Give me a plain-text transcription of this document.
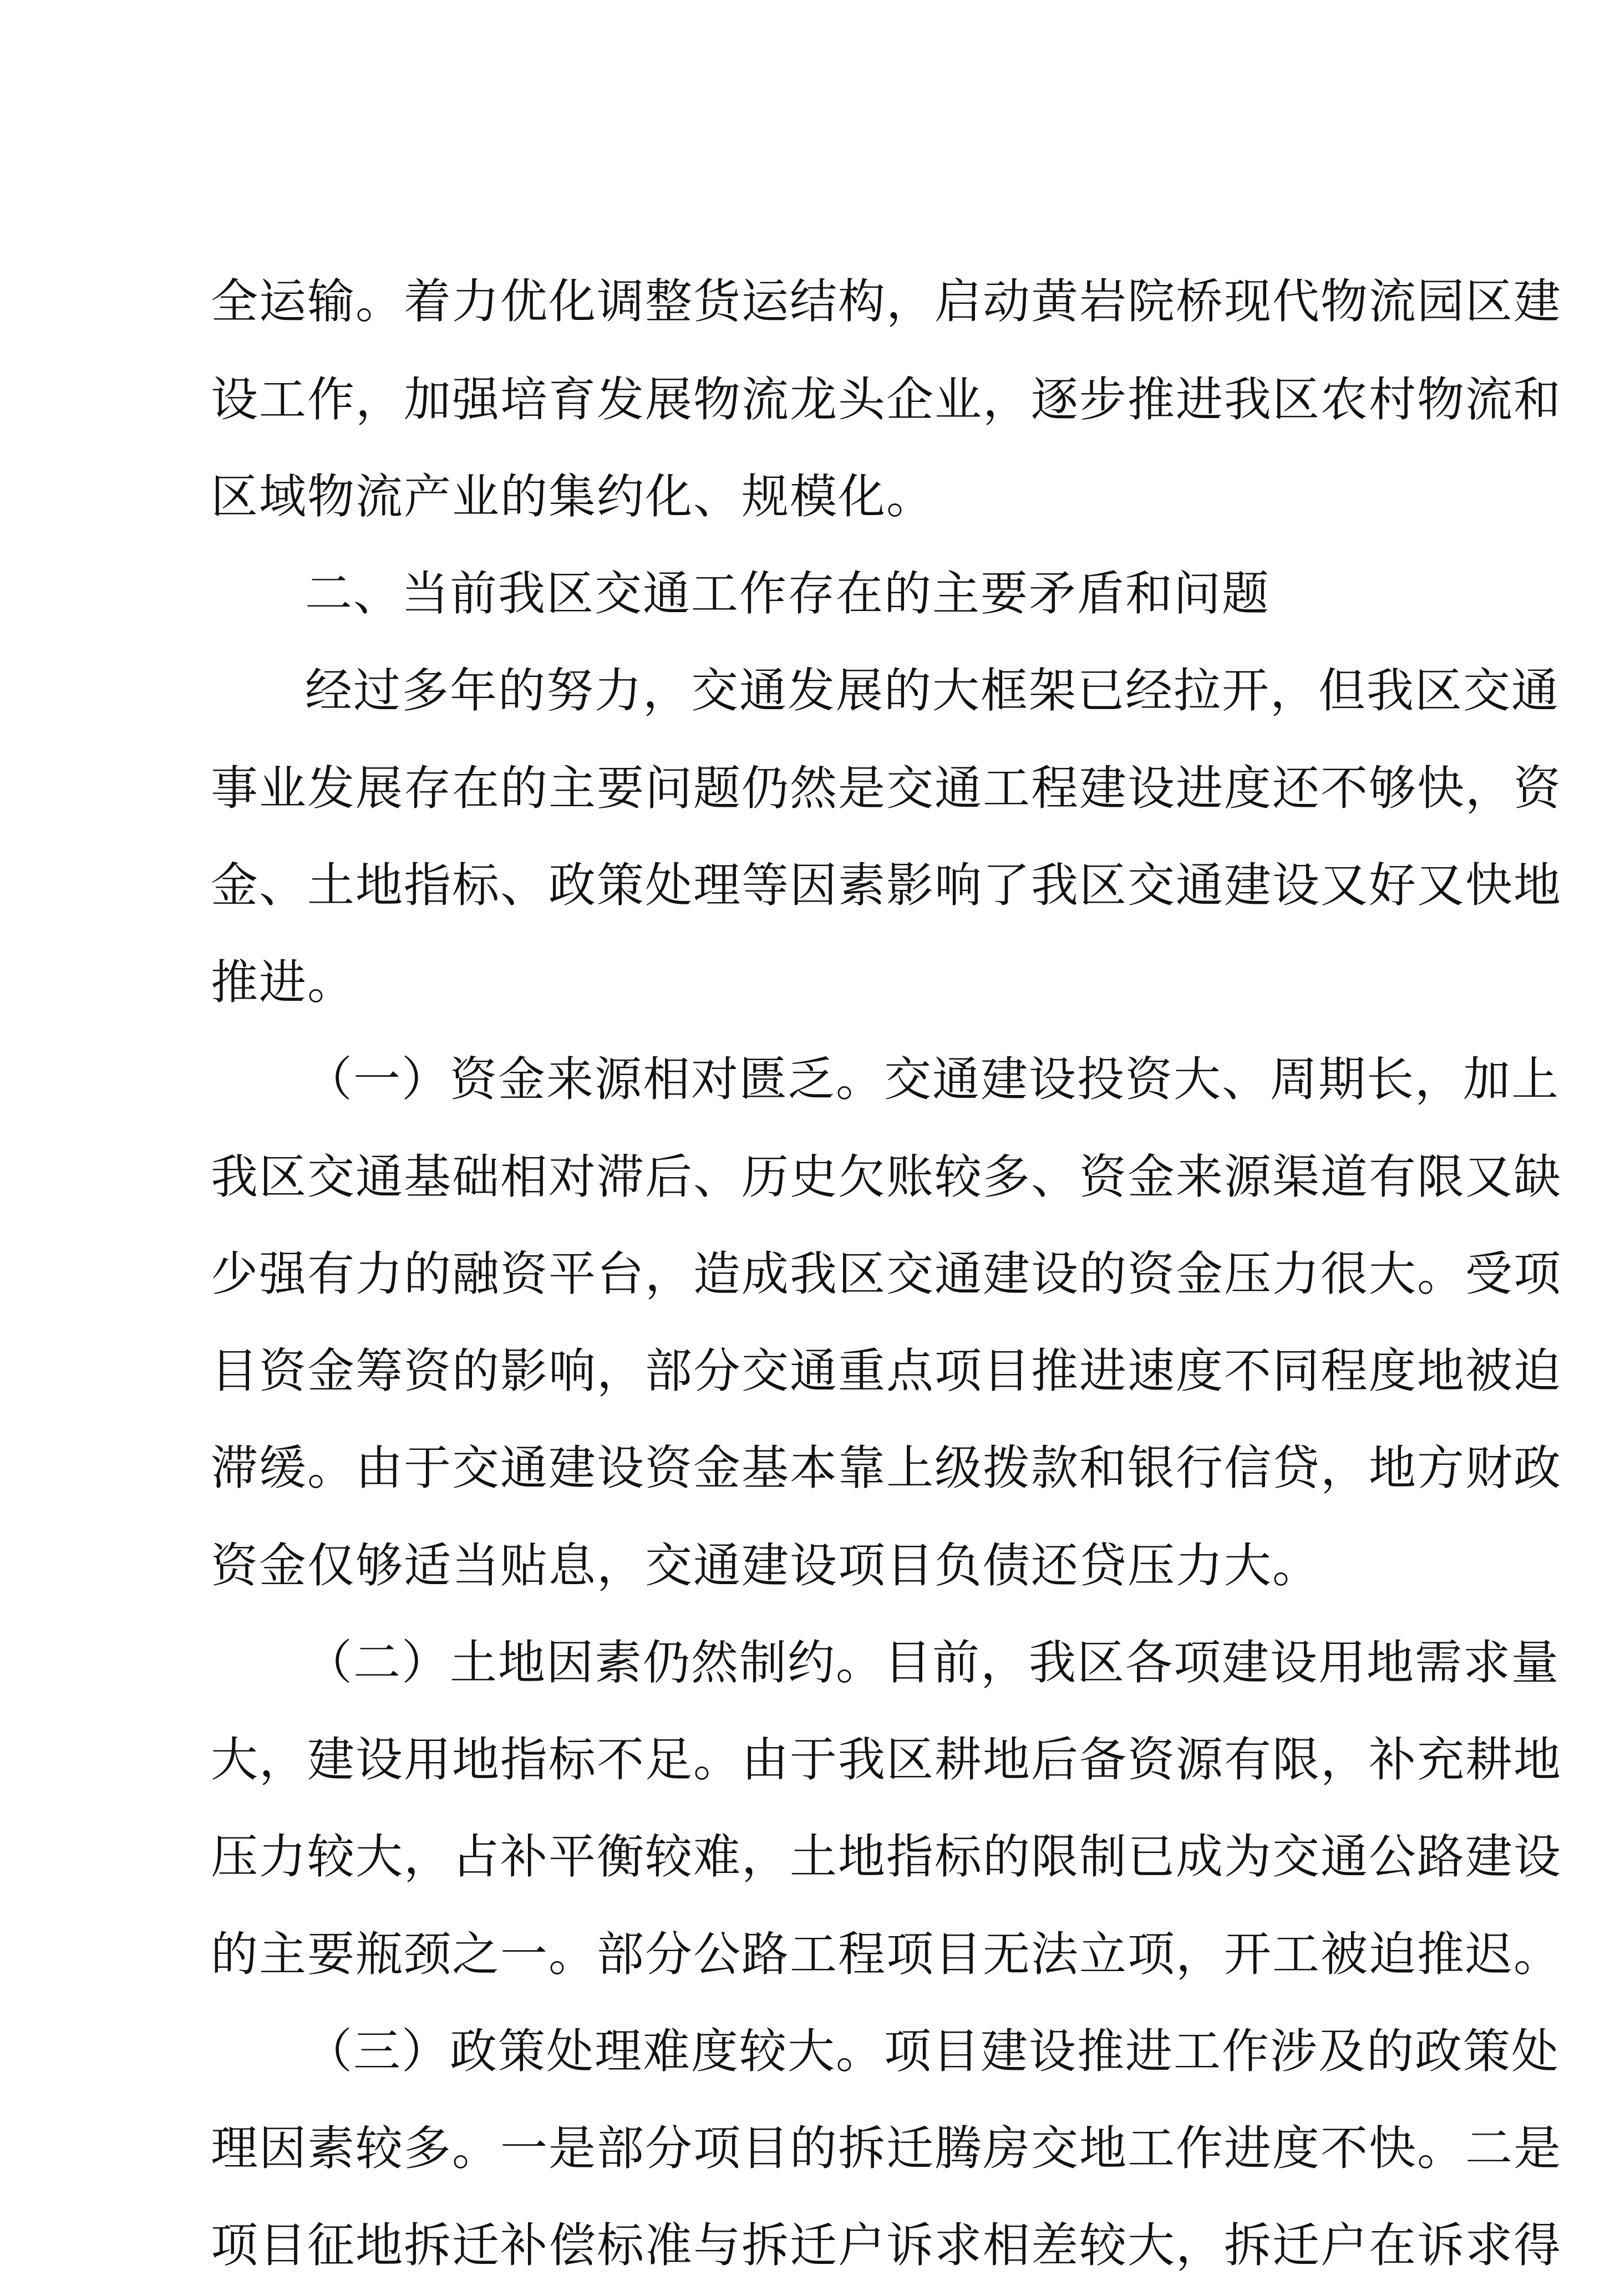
全运输。着力优化调整货运结构，启动黄岩院桥现代物流园区建
设工作，加强培育发展物流龙头企业，逐步推进我区农村物流和
区域物流产业的集约化、规模化。
二、当前我区交通工作存在的主要矛盾和问题
经过多年的努力，交通发展的大框架已经拉开，但我区交通
事业发展存在的主要问题仍然是交通工程建设进度还不够快，资
金、土地指标、政策处理等因素影响了我区交通建设又好又快地
推进。
（一）资金来源相对匮乏。交通建设投资大、周期长，加上
我区交通基础相对滞后、历史欠账较多、资金来源渠道有限又缺
少强有力的融资平台，造成我区交通建设的资金压力很大。受项
目资金筹资的影响，部分交通重点项目推进速度不同程度地被迫
滞缓。由于交通建设资金基本靠上级拨款和银行信贷，地方财政
资金仅够适当贴息，交通建设项目负债还贷压力大。
（二）土地因素仍然制约。目前，我区各项建设用地需求量
大，建设用地指标不足。由于我区耕地后备资源有限，补充耕地
压力较大，占补平衡较难，土地指标的限制已成为交通公路建设
的主要瓶颈之一。部分公路工程项目无法立项，开工被迫推迟。
（三）政策处理难度较大。项目建设推进工作涉及的政策处
理因素较多。一是部分项目的拆迁腾房交地工作进度不快。二是
项目征地拆迁补偿标准与拆迁户诉求相差较大，拆迁户在诉求得
